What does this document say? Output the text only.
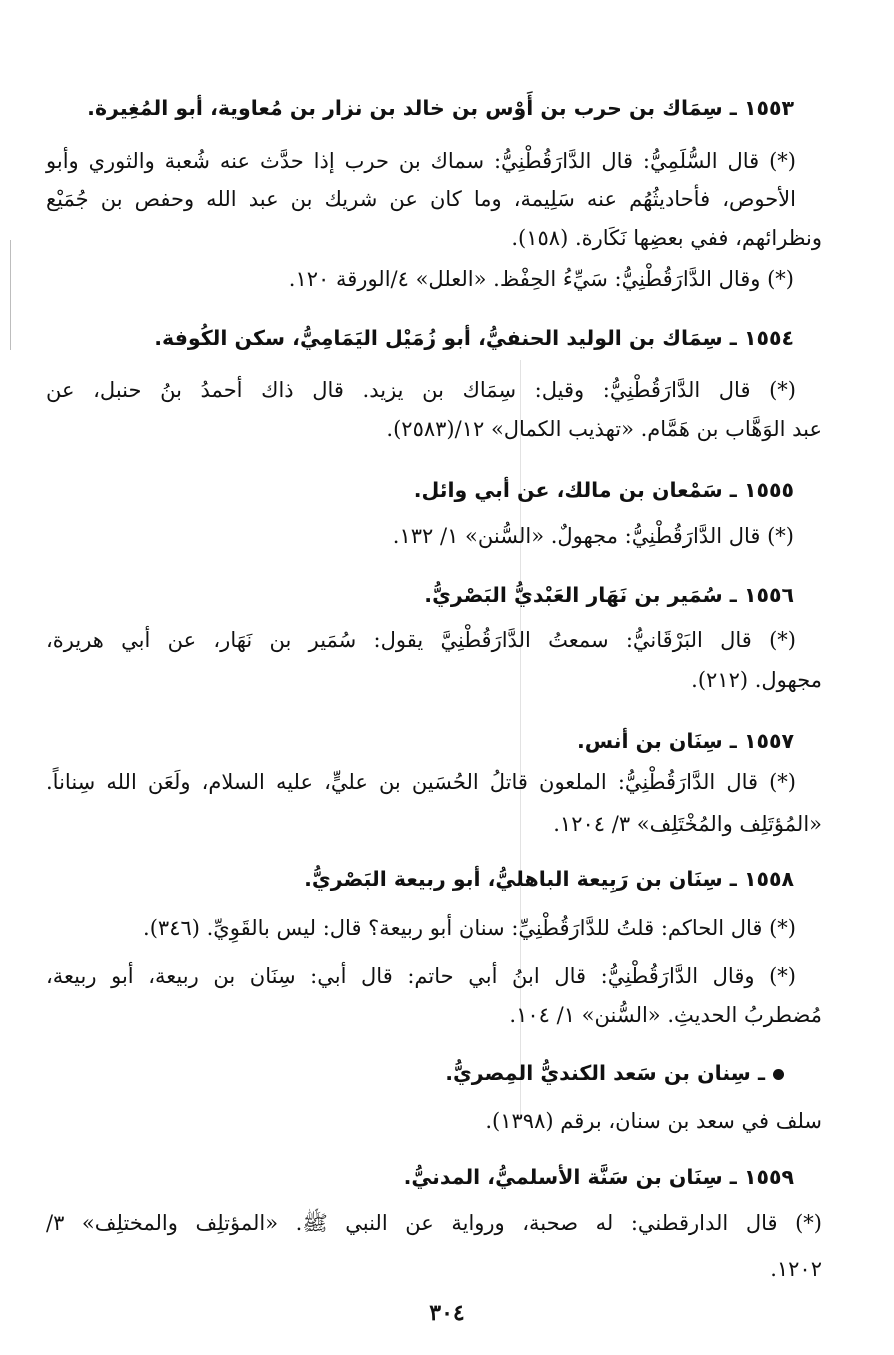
١٥٥٣ ـ سِمَاك بن حرب بن أَوْس بن خالد بن نزار بن مُعاوية، أبو المُغِيرة.
(*) قال السُّلَمِيُّ: قال الدَّارَقُطْنِيُّ: سماك بن حرب إذا حدَّث عنه شُعبة والثوري وأبو
الأحوص، فأحاديثُهُم عنه سَلِيمة، وما كان عن شريك بن عبد الله وحفص بن جُمَيْع
ونظرائهم، ففي بعضِها نَكَارة. (١٥٨).
(*) وقال الدَّارَقُطْنِيُّ: سَيِّءُ الحِفْظ. «العلل» ٤/الورقة ١٢٠.
١٥٥٤ ـ سِمَاك بن الوليد الحنفيُّ، أبو زُمَيْل اليَمَامِيُّ، سكن الكُوفة.
(*) قال الدَّارَقُطْنِيُّ: وقيل: سِمَاك بن يزيد. قال ذاك أحمدُ بنُ حنبل، عن
عبد الوَهَّاب بن هَمَّام. «تهذيب الكمال» ١٢/(٢٥٨٣).
١٥٥٥ ـ سَمْعان بن مالك، عن أبي وائل.
(*) قال الدَّارَقُطْنِيُّ: مجهولٌ. «السُّنن» ١/ ١٣٢.
١٥٥٦ ـ سُمَير بن نَهَار العَبْديُّ البَصْريُّ.
(*) قال البَرْقَانيُّ: سمعتُ الدَّارَقُطْنِيَّ يقول: سُمَير بن نَهَار، عن أبي هريرة،
مجهول. (٢١٢).
١٥٥٧ ـ سِنَان بن أنس.
(*) قال الدَّارَقُطْنِيُّ: الملعون قاتلُ الحُسَين بن عليٍّ، عليه السلام، ولَعَن الله سِناناً.
«المُؤتَلِف والمُخْتَلِف» ٣/ ١٢٠٤.
١٥٥٨ ـ سِنَان بن رَبِيعة الباهليُّ، أبو ربيعة البَصْريُّ.
(*) قال الحاكم: قلتُ للدَّارَقُطْنِيِّ: سنان أبو ربيعة؟ قال: ليس بالقَوِيِّ. (٣٤٦).
(*) وقال الدَّارَقُطْنِيُّ: قال ابنُ أبي حاتم: قال أبي: سِنَان بن ربيعة، أبو ربيعة،
مُضطربُ الحديثِ. «السُّنن» ١/ ١٠٤.
ـ سِنان بن سَعد الكنديُّ المِصريُّ.
سلف في سعد بن سنان، برقم (١٣٩٨).
١٥٥٩ ـ سِنَان بن سَنَّة الأسلميُّ، المدنيُّ.
(*) قال الدارقطني: له صحبة، ورواية عن النبي ﷺ. «المؤتلِف والمختلِف» ٣/
١٢٠٢.
٣٠٤
